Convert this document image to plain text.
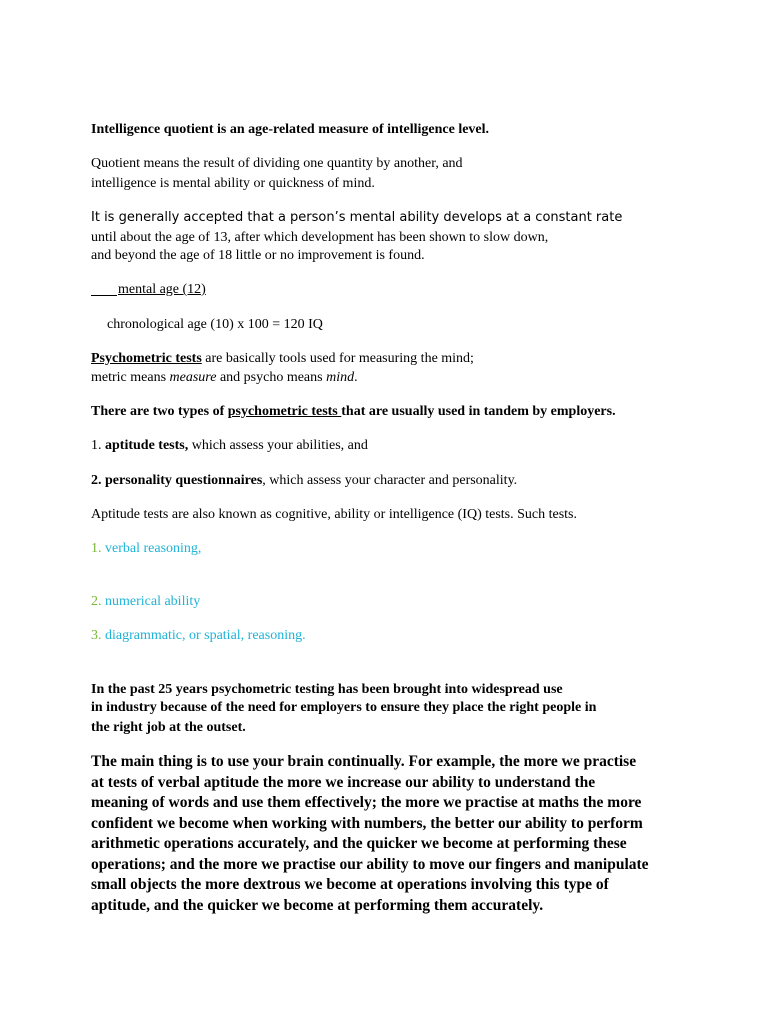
Intelligence quotient is an age-related measure of intelligence level.
Quotient means the result of dividing one quantity by another, and
intelligence is mental ability or quickness of mind.
It is generally accepted that a person’s mental ability develops at a constant rate
until about the age of 13, after which development has been shown to slow down,
and beyond the age of 18 little or no improvement is found.
mental age (12)
chronological age (10) x 100 = 120 IQ
Psychometric tests are basically tools used for measuring the mind;
metric means measure and psycho means mind.
There are two types of psychometric tests that are usually used in tandem by employers.
1. aptitude tests, which assess your abilities, and
2. personality questionnaires, which assess your character and personality.
Aptitude tests are also known as cognitive, ability or intelligence (IQ) tests. Such tests.
1. verbal reasoning,
2. numerical ability
3. diagrammatic, or spatial, reasoning.
In the past 25 years psychometric testing has been brought into widespread use
in industry because of the need for employers to ensure they place the right people in
the right job at the outset.
The main thing is to use your brain continually. For example, the more we practise
at tests of verbal aptitude the more we increase our ability to understand the
meaning of words and use them effectively; the more we practise at maths the more
confident we become when working with numbers, the better our ability to perform
arithmetic operations accurately, and the quicker we become at performing these
operations; and the more we practise our ability to move our fingers and manipulate
small objects the more dextrous we become at operations involving this type of
aptitude, and the quicker we become at performing them accurately.
